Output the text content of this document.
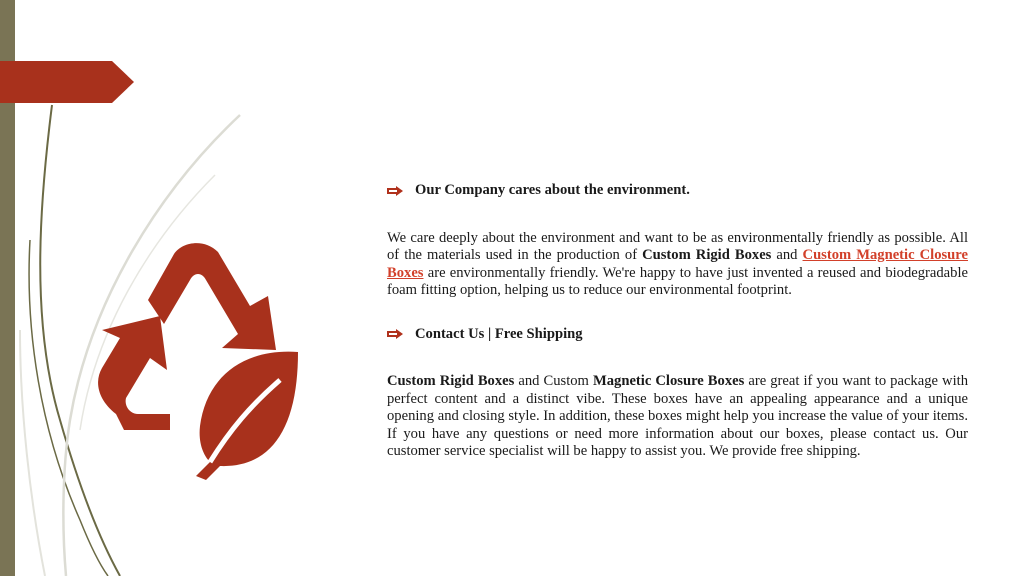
Our Company cares about the environment.

We care deeply about the environment and want to be as environmentally friendly as possible. All of the materials used in the production of Custom Rigid Boxes and Custom Magnetic Closure Boxes are environmentally friendly. We're happy to have just invented a reused and biodegradable foam fitting option, helping us to reduce our environmental footprint.

Contact Us | Free Shipping

Custom Rigid Boxes and Custom Magnetic Closure Boxes are great if you want to package with perfect content and a distinct vibe. These boxes have an appealing appearance and a unique opening and closing style. In addition, these boxes might help you increase the value of your items. If you have any questions or need more information about our boxes, please contact us. Our customer service specialist will be happy to assist you. We provide free shipping.
